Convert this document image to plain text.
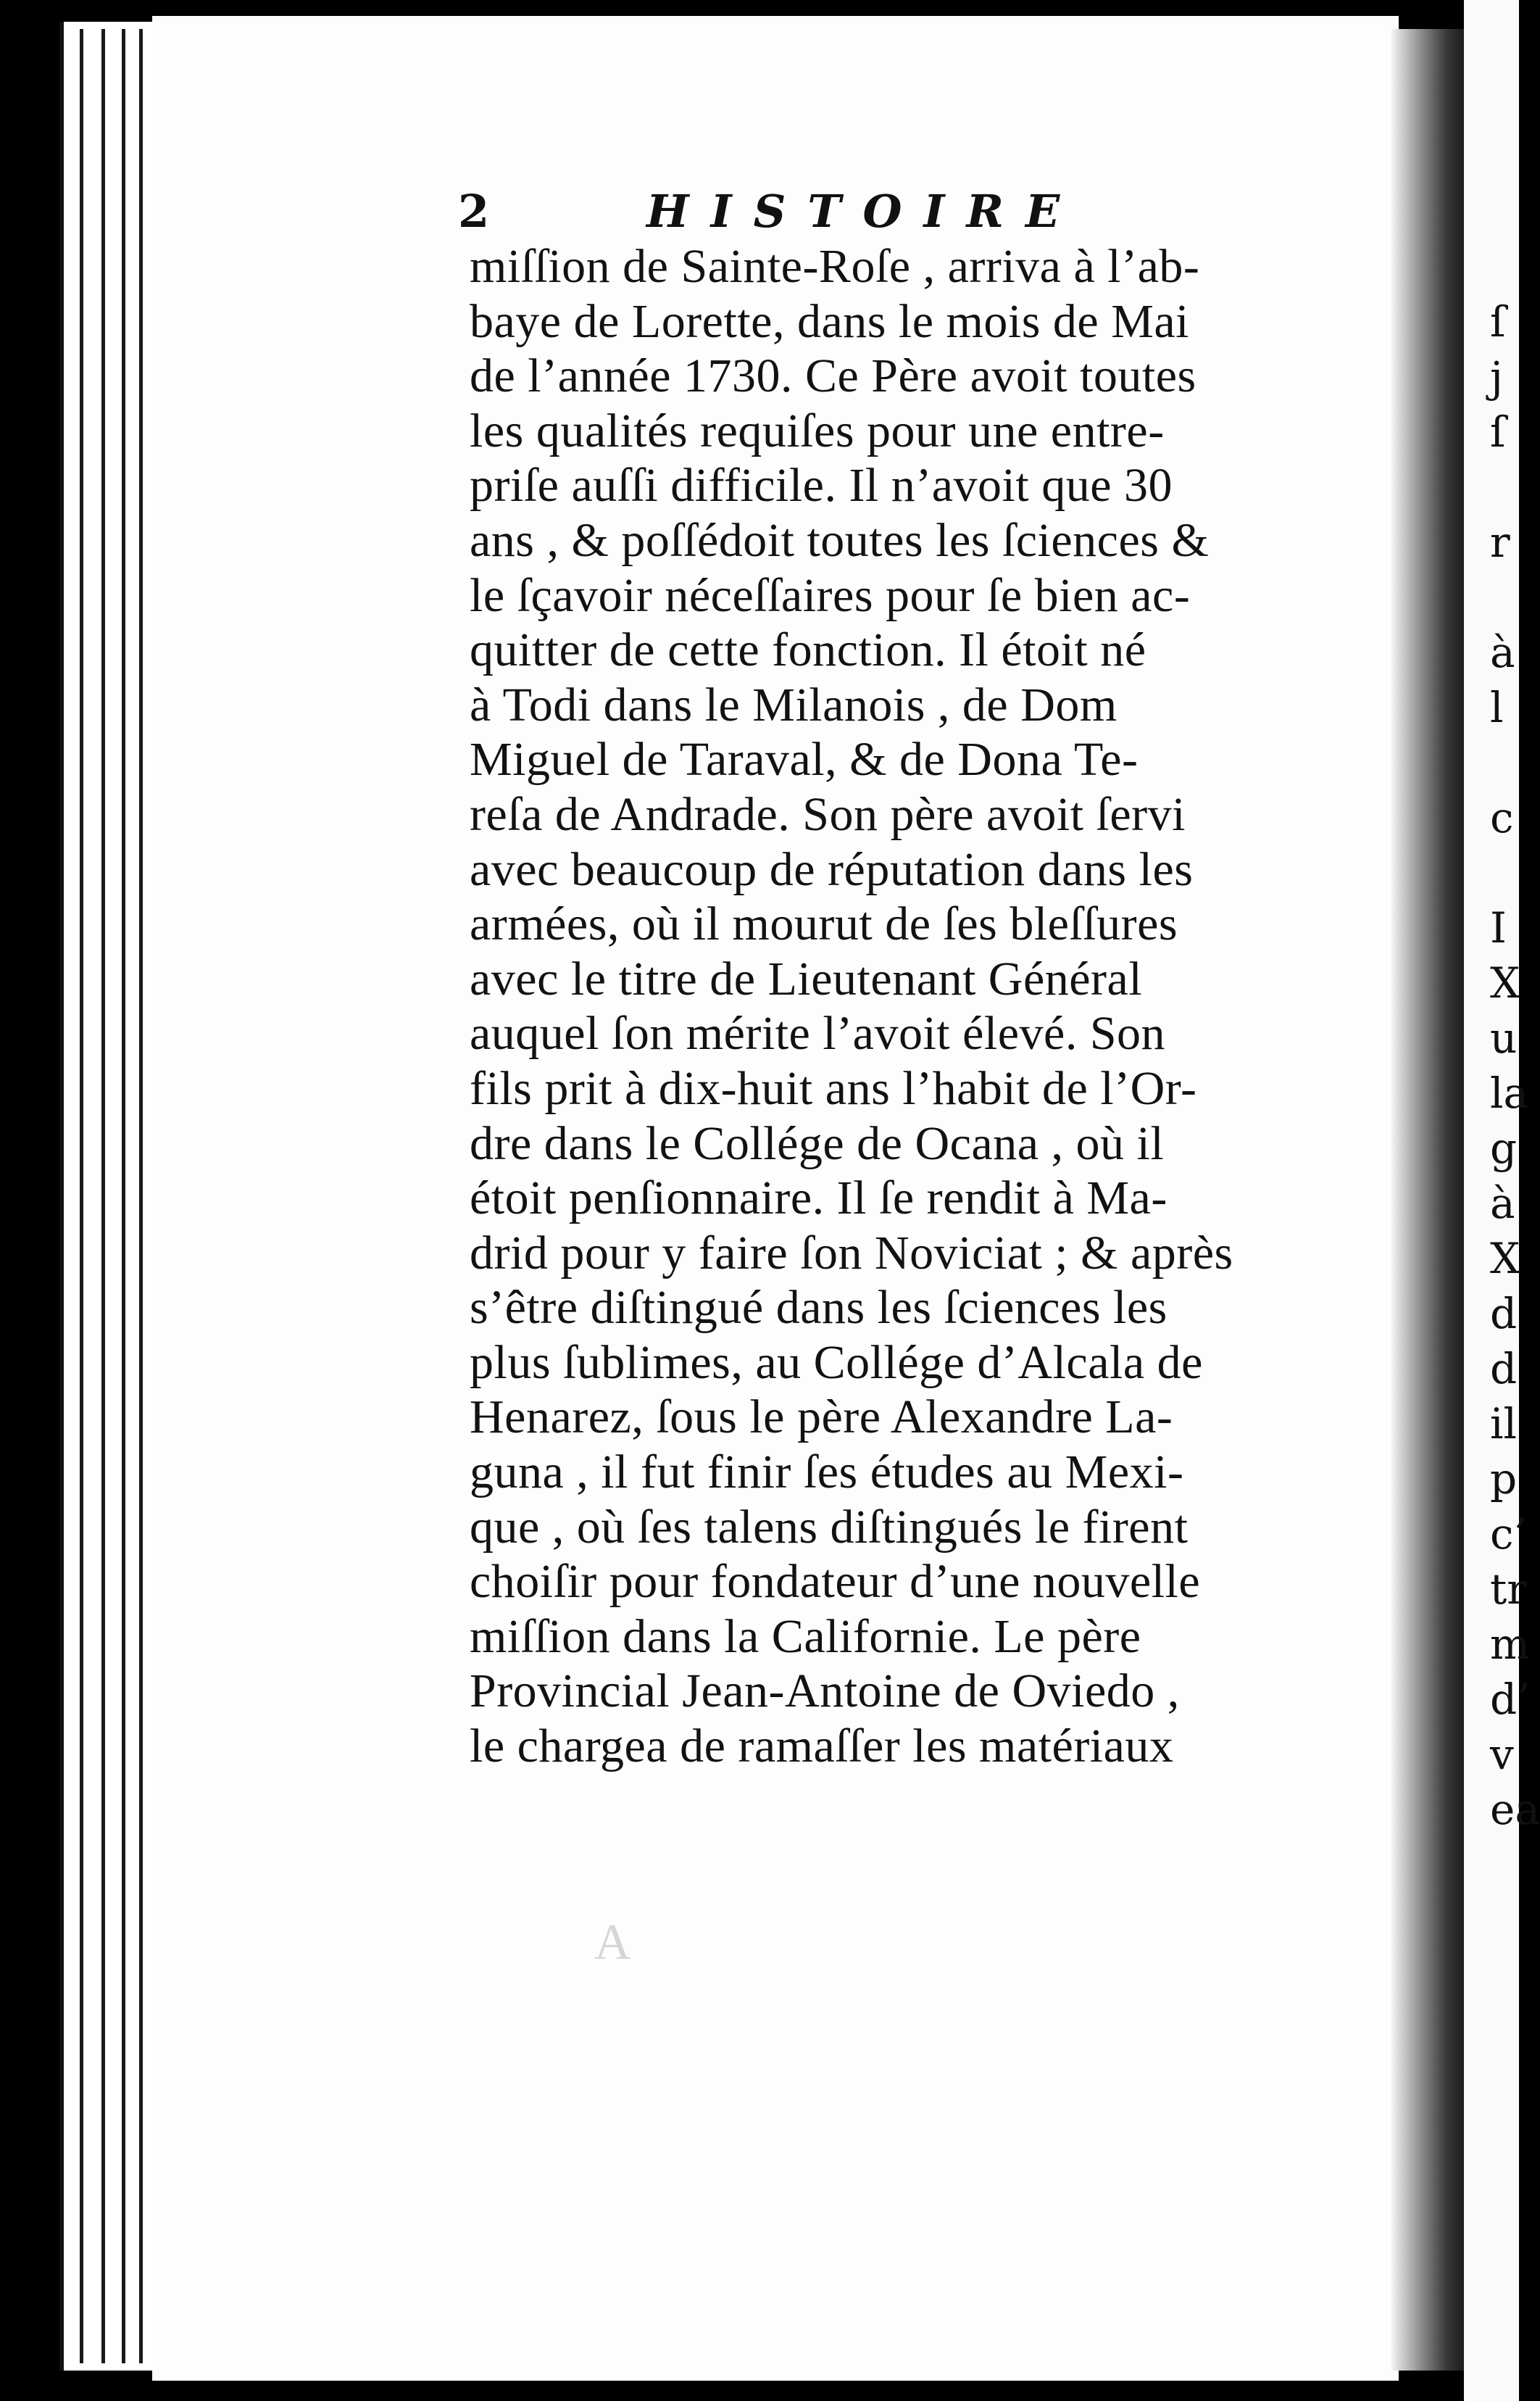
ſ
j
ſ
r
à
l
c
I
X
u
la
g
à
X
d
d
il
p
c’
tr
m
d’
v
ea
2	HISTOIRE
miſſion de Sainte-Roſe , arriva à l’ab-
baye de Lorette, dans le mois de Mai
de l’année 1730. Ce Père avoit toutes
les qualités requiſes pour une entre-
priſe auſſi difficile. Il n’avoit que 30
ans , & poſſédoit toutes les ſciences &
le ſçavoir néceſſaires pour ſe bien ac-
quitter de cette fonction. Il étoit né
à Todi dans le Milanois , de Dom
Miguel de Taraval, & de Dona Te-
reſa de Andrade. Son père avoit ſervi
avec beaucoup de réputation dans les
armées, où il mourut de ſes bleſſures
avec le titre de Lieutenant Général
auquel ſon mérite l’avoit élevé. Son
fils prit à dix-huit ans l’habit de l’Or-
dre dans le Collége de Ocana , où il
étoit penſionnaire. Il ſe rendit à Ma-
drid pour y faire ſon Noviciat ; & après
s’être diſtingué dans les ſciences les
plus ſublimes, au Collége d’Alcala de
Henarez, ſous le père Alexandre La-
guna , il fut finir ſes études au Mexi-
que , où ſes talens diſtingués le firent
choiſir pour fondateur d’une nouvelle
miſſion dans la Californie. Le père
Provincial Jean-Antoine de Oviedo ,
le chargea de ramaſſer les matériaux
A
